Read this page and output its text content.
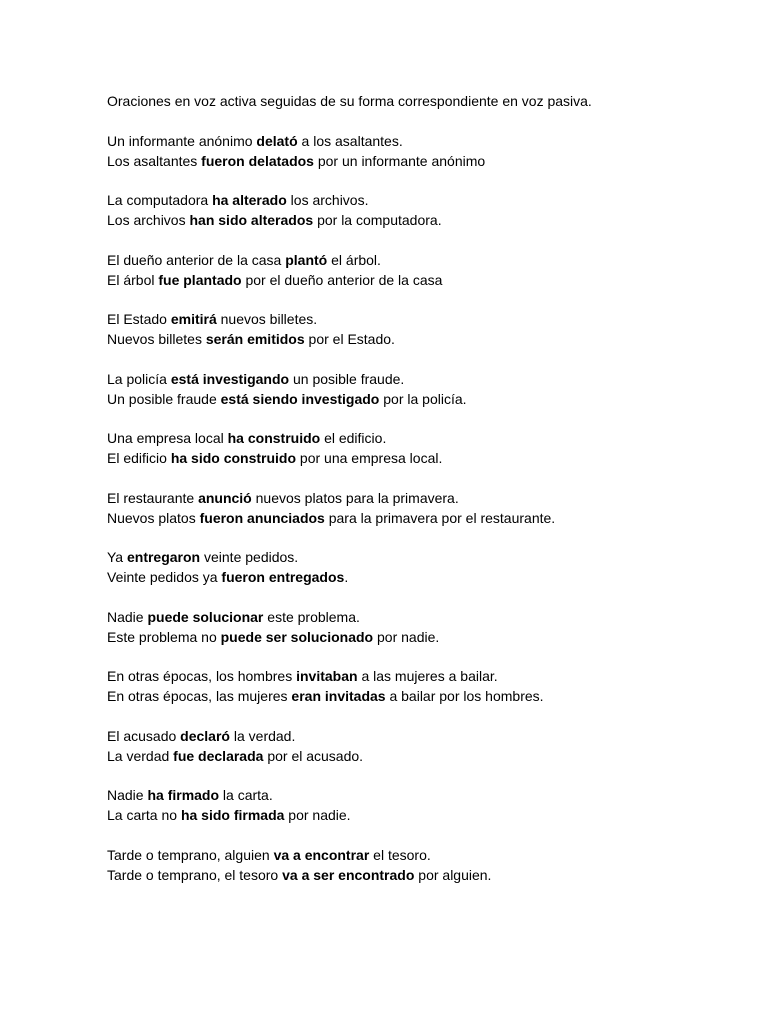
Oraciones en voz activa seguidas de su forma correspondiente en voz pasiva.
Un informante anónimo delató a los asaltantes.
Los asaltantes fueron delatados por un informante anónimo
La computadora ha alterado los archivos.
Los archivos han sido alterados por la computadora.
El dueño anterior de la casa plantó el árbol.
El árbol fue plantado por el dueño anterior de la casa
El Estado emitirá nuevos billetes.
Nuevos billetes serán emitidos por el Estado.
La policía está investigando un posible fraude.
Un posible fraude está siendo investigado por la policía.
Una empresa local ha construido el edificio.
El edificio ha sido construido por una empresa local.
El restaurante anunció nuevos platos para la primavera.
Nuevos platos fueron anunciados para la primavera por el restaurante.
Ya entregaron veinte pedidos.
Veinte pedidos ya fueron entregados.
Nadie puede solucionar este problema.
Este problema no puede ser solucionado por nadie.
En otras épocas, los hombres invitaban a las mujeres a bailar.
En otras épocas, las mujeres eran invitadas a bailar por los hombres.
El acusado declaró la verdad.
La verdad fue declarada por el acusado.
Nadie ha firmado la carta.
La carta no ha sido firmada por nadie.
Tarde o temprano, alguien va a encontrar el tesoro.
Tarde o temprano, el tesoro va a ser encontrado por alguien.
